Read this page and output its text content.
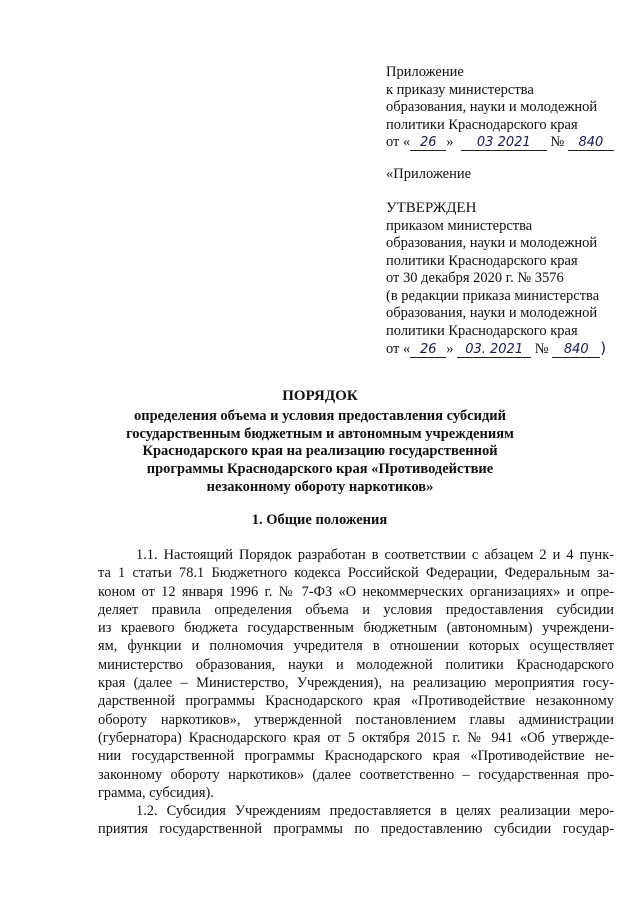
Приложение
к приказу министерства
образования, науки и молодежной
политики Краснодарского края
от « 26 » 03 2021 № 840
«Приложение
УТВЕРЖДЕН
приказом министерства
образования, науки и молодежной
политики Краснодарского края
от 30 декабря 2020 г. № 3576
(в редакции приказа министерства
образования, науки и молодежной
политики Краснодарского края
от « 26 » 03. 2021 № 840 )
ПОРЯДОК
определения объема и условия предоставления субсидий
государственным бюджетным и автономным учреждениям
Краснодарского края на реализацию государственной
программы Краснодарского края «Противодействие
незаконному обороту наркотиков»
1. Общие положения
1.1. Настоящий Порядок разработан в соответствии с абзацем 2 и 4 пунк-
та 1 статьи 78.1 Бюджетного кодекса Российской Федерации, Федеральным за-
коном от 12 января 1996 г. № 7-ФЗ «О некоммерческих организациях» и опре-
деляет правила определения объема и условия предоставления субсидии
из краевого бюджета государственным бюджетным (автономным) учреждени-
ям, функции и полномочия учредителя в отношении которых осуществляет
министерство образования, науки и молодежной политики Краснодарского
края (далее – Министерство, Учреждения), на реализацию мероприятия госу-
дарственной программы Краснодарского края «Противодействие незаконному
обороту наркотиков», утвержденной постановлением главы администрации
(губернатора) Краснодарского края от 5 октября 2015 г. № 941 «Об утвержде-
нии государственной программы Краснодарского края «Противодействие не-
законному обороту наркотиков» (далее соответственно – государственная про-
грамма, субсидия).
1.2. Субсидия Учреждениям предоставляется в целях реализации меро-
приятия государственной программы по предоставлению субсидии государ-
